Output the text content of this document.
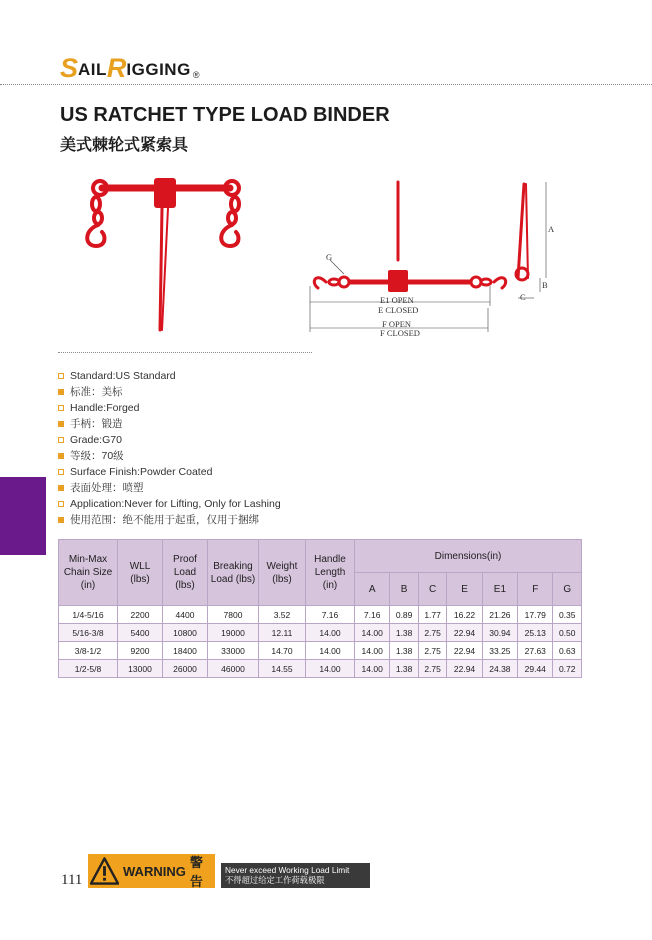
S AIL R IGGING ®
US RATCHET TYPE LOAD BINDER
美式棘轮式紧索具
A
B
C
G
E1 OPEN
E CLOSED
F OPEN
F CLOSED
Standard:US Standard
标准：美标
Handle:Forged
手柄：锻造
Grade:G70
等级：70级
Surface Finish:Powder Coated
表面处理：喷塑
Application:Never for Lifting, Only for Lashing
使用范围：绝不能用于起重，仅用于捆绑
Min-Max Chain Size (in)	WLL (lbs)	Proof Load (lbs)	Breaking Load (lbs)	Weight (lbs)	Handle Length (in)	Dimensions(in)						
						A	B	C	E	E1	F	G
1/4-5/16	2200	4400	7800	3.52	7.16	7.16	0.89	1.77	16.22	21.26	17.79	0.35
5/16-3/8	5400	10800	19000	12.11	14.00	14.00	1.38	2.75	22.94	30.94	25.13	0.50
3/8-1/2	9200	18400	33000	14.70	14.00	14.00	1.38	2.75	22.94	33.25	27.63	0.63
1/2-5/8	13000	26000	46000	14.55	14.00	14.00	1.38	2.75	22.94	24.38	29.44	0.72
111
WARNING
警告
Never exceed Working Load Limit
不得超过给定工作荷载极限
